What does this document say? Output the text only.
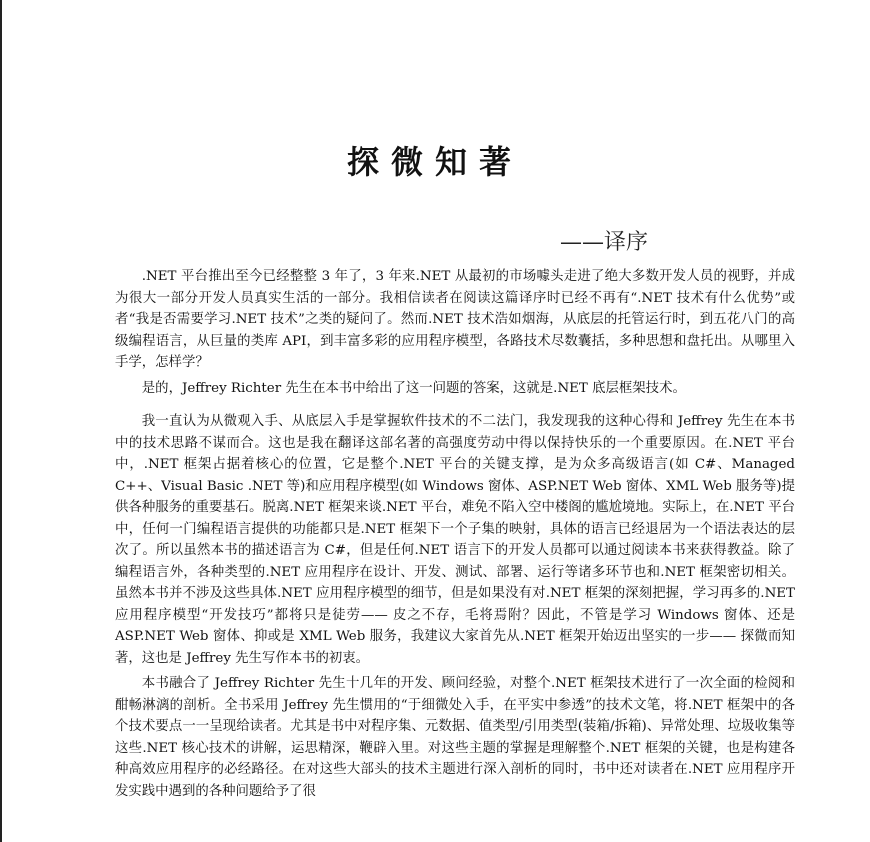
探微知著
——译序

.NET 平台推出至今已经整整 3 年了，3 年来.NET 从最初的市场噱头走进了绝大多数开发人员的视野，并成为很大一部分开发人员真实生活的一部分。我相信读者在阅读这篇译序时已经不再有“.NET 技术有什么优势”或者“我是否需要学习.NET 技术”之类的疑问了。然而.NET 技术浩如烟海，从底层的托管运行时，到五花八门的高级编程语言，从巨量的类库 API，到丰富多彩的应用程序模型，各路技术尽数囊括，多种思想和盘托出。从哪里入手学，怎样学？

是的，Jeffrey Richter 先生在本书中给出了这一问题的答案，这就是.NET 底层框架技术。

我一直认为从微观入手、从底层入手是掌握软件技术的不二法门，我发现我的这种心得和 Jeffrey 先生在本书中的技术思路不谋而合。这也是我在翻译这部名著的高强度劳动中得以保持快乐的一个重要原因。在.NET 平台中，.NET 框架占据着核心的位置，它是整个.NET 平台的关键支撑，是为众多高级语言(如 C#、Managed C++、Visual Basic .NET 等)和应用程序模型(如 Windows 窗体、ASP.NET Web 窗体、XML Web 服务等)提供各种服务的重要基石。脱离.NET 框架来谈.NET 平台，难免不陷入空中楼阁的尴尬境地。实际上，在.NET 平台中，任何一门编程语言提供的功能都只是.NET 框架下一个子集的映射，具体的语言已经退居为一个语法表达的层次了。所以虽然本书的描述语言为 C#，但是任何.NET 语言下的开发人员都可以通过阅读本书来获得教益。除了编程语言外，各种类型的.NET 应用程序在设计、开发、测试、部署、运行等诸多环节也和.NET 框架密切相关。虽然本书并不涉及这些具体.NET 应用程序模型的细节，但是如果没有对.NET 框架的深刻把握，学习再多的.NET 应用程序模型“开发技巧”都将只是徒劳—— 皮之不存，毛将焉附？因此，不管是学习 Windows 窗体、还是 ASP.NET Web 窗体、抑或是 XML Web 服务，我建议大家首先从.NET 框架开始迈出坚实的一步—— 探微而知著，这也是 Jeffrey 先生写作本书的初衷。

本书融合了 Jeffrey Richter 先生十几年的开发、顾问经验，对整个.NET 框架技术进行了一次全面的检阅和酣畅淋漓的剖析。全书采用 Jeffrey 先生惯用的“于细微处入手，在平实中参透”的技术文笔，将.NET 框架中的各个技术要点一一呈现给读者。尤其是书中对程序集、元数据、值类型/引用类型(装箱/拆箱)、异常处理、垃圾收集等这些.NET 核心技术的讲解，运思精深，鞭辟入里。对这些主题的掌握是理解整个.NET 框架的关键，也是构建各种高效应用程序的必经路径。在对这些大部头的技术主题进行深入剖析的同时，书中还对读者在.NET 应用程序开发实践中遇到的各种问题给予了很
